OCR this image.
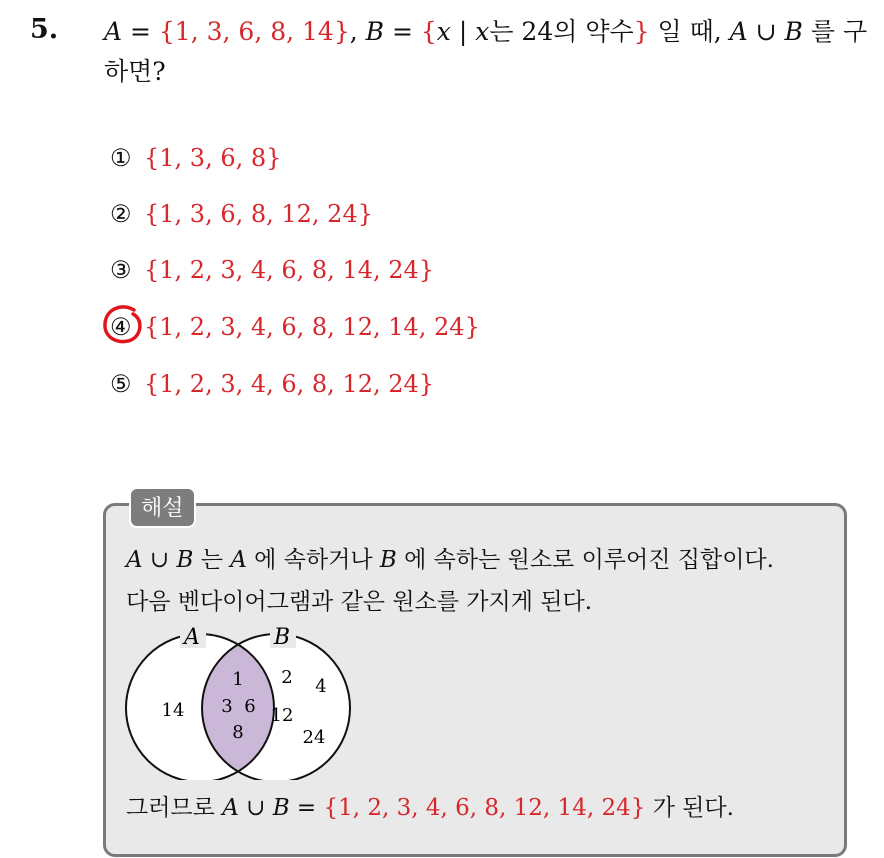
5. A = {1, 3, 6, 8, 14}, B = {x | x는 24의 약수} 일 때, A ∪ B 를 구하면?
① {1, 3, 6, 8}
② {1, 3, 6, 8, 12, 24}
③ {1, 2, 3, 4, 6, 8, 14, 24}
④ {1, 2, 3, 4, 6, 8, 12, 14, 24}
⑤ {1, 2, 3, 4, 6, 8, 12, 24}
해설
A ∪ B 는 A 에 속하거나 B 에 속하는 원소로 이루어진 집합이다.
다음 벤다이어그램과 같은 원소를 가지게 된다.
A	B
14
1
3 6
8
2 4
12
24
그러므로 A ∪ B = {1, 2, 3, 4, 6, 8, 12, 14, 24} 가 된다.
